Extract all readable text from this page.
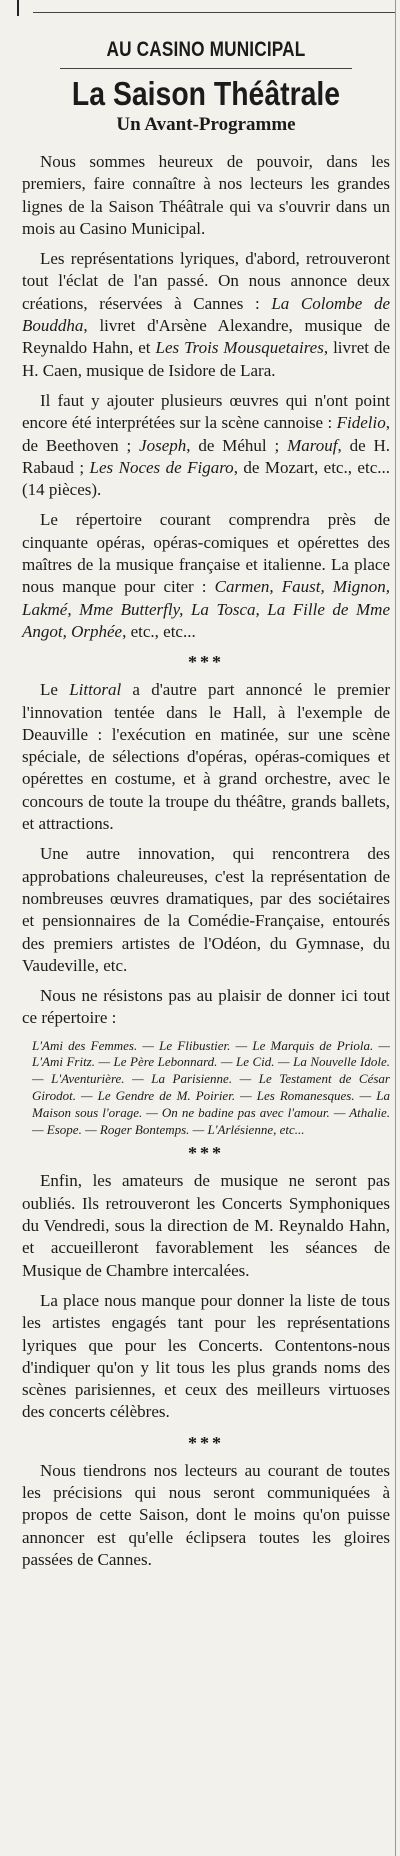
AU CASINO MUNICIPAL
La Saison Théâtrale
Un Avant-Programme

Nous sommes heureux de pouvoir, dans les premiers, faire connaître à nos lecteurs les grandes lignes de la Saison Théâtrale qui va s'ouvrir dans un mois au Casino Municipal.

Les représentations lyriques, d'abord, retrouveront tout l'éclat de l'an passé. On nous annonce deux créations, réservées à Cannes : La Colombe de Bouddha, livret d'Arsène Alexandre, musique de Reynaldo Hahn, et Les Trois Mousquetaires, livret de H. Caen, musique de Isidore de Lara.

Il faut y ajouter plusieurs œuvres qui n'ont point encore été interprétées sur la scène cannoise : Fidelio, de Beethoven ; Joseph, de Méhul ; Marouf, de H. Rabaud ; Les Noces de Figaro, de Mozart, etc., etc... (14 pièces).

Le répertoire courant comprendra près de cinquante opéras, opéras-comiques et opérettes des maîtres de la musique française et italienne. La place nous manque pour citer : Carmen, Faust, Mignon, Lakmé, Mme Butterfly, La Tosca, La Fille de Mme Angot, Orphée, etc., etc...

***

Le Littoral a d'autre part annoncé le premier l'innovation tentée dans le Hall, à l'exemple de Deauville : l'exécution en matinée, sur une scène spéciale, de sélections d'opéras, opéras-comiques et opérettes en costume, et à grand orchestre, avec le concours de toute la troupe du théâtre, grands ballets, et attractions.

Une autre innovation, qui rencontrera des approbations chaleureuses, c'est la représentation de nombreuses œuvres dramatiques, par des sociétaires et pensionnaires de la Comédie-Française, entourés des premiers artistes de l'Odéon, du Gymnase, du Vaudeville, etc.

Nous ne résistons pas au plaisir de donner ici tout ce répertoire :

L'Ami des Femmes. — Le Flibustier. — Le Marquis de Priola. — L'Ami Fritz. — Le Père Lebonnard. — Le Cid. — La Nouvelle Idole. — L'Aventurière. — La Parisienne. — Le Testament de César Girodot. — Le Gendre de M. Poirier. — Les Romanesques. — La Maison sous l'orage. — On ne badine pas avec l'amour. — Athalie. — Esope. — Roger Bontemps. — L'Arlésienne, etc...

***

Enfin, les amateurs de musique ne seront pas oubliés. Ils retrouveront les Concerts Symphoniques du Vendredi, sous la direction de M. Reynaldo Hahn, et accueilleront favorablement les séances de Musique de Chambre intercalées.

La place nous manque pour donner la liste de tous les artistes engagés tant pour les représentations lyriques que pour les Concerts. Contentons-nous d'indiquer qu'on y lit tous les plus grands noms des scènes parisiennes, et ceux des meilleurs virtuoses des concerts célèbres.

***

Nous tiendrons nos lecteurs au courant de toutes les précisions qui nous seront communiquées à propos de cette Saison, dont le moins qu'on puisse annoncer est qu'elle éclipsera toutes les gloires passées de Cannes.
